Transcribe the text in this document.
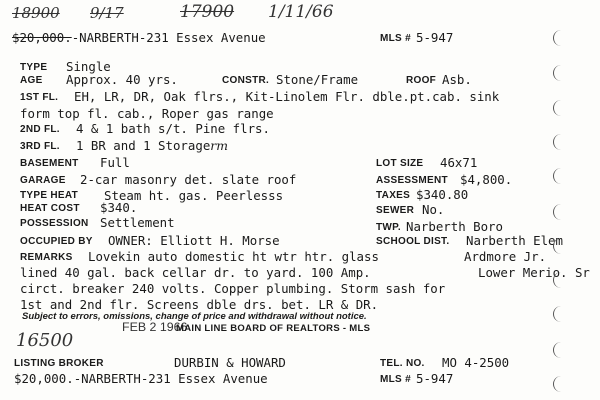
18900 9/17	17900 1/11/66
$20,000.-NARBERTH-231 Essex Avenue	MLS # 5-947
TYPE Single
AGE Approx. 40 yrs.	CONSTR. Stone/Frame	ROOF Asb.
1ST FL. EH, LR, DR, Oak flrs., Kit-Linolem Flr. dble.pt.cab. sink
form top fl. cab., Roper gas range
2ND FL. 4 & 1 bath s/t. Pine flrs.
3RD FL. 1 BR and 1 Storagerm
BASEMENT Full	LOT SIZE 46x71
GARAGE 2-car masonry det. slate roof	ASSESSMENT $4,800.
TYPE HEAT Steam ht. gas. Peerlesss	TAXES $340.80
HEAT COST $340.	SEWER No.
POSSESSION Settlement	TWP. Narberth Boro
OCCUPIED BY OWNER: Elliott H. Morse	SCHOOL DIST. Narberth Elem
REMARKS Lovekin auto domestic ht wtr htr. glass	Ardmore Jr.
lined 40 gal. back cellar dr. to yard. 100 Amp.	Lower Merio. Sr
circt. breaker 240 volts. Copper plumbing. Storm sash for
1st and 2nd flr. Screens dble drs. bet. LR & DR.
Subject to errors, omissions, change of price and withdrawal without notice.
16500
FEB 2 1966
MAIN LINE BOARD OF REALTORS - MLS
LISTING BROKER	DURBIN & HOWARD	TEL. NO. MO 4-2500
$20,000.-NARBERTH-231 Essex Avenue	MLS # 5-947
